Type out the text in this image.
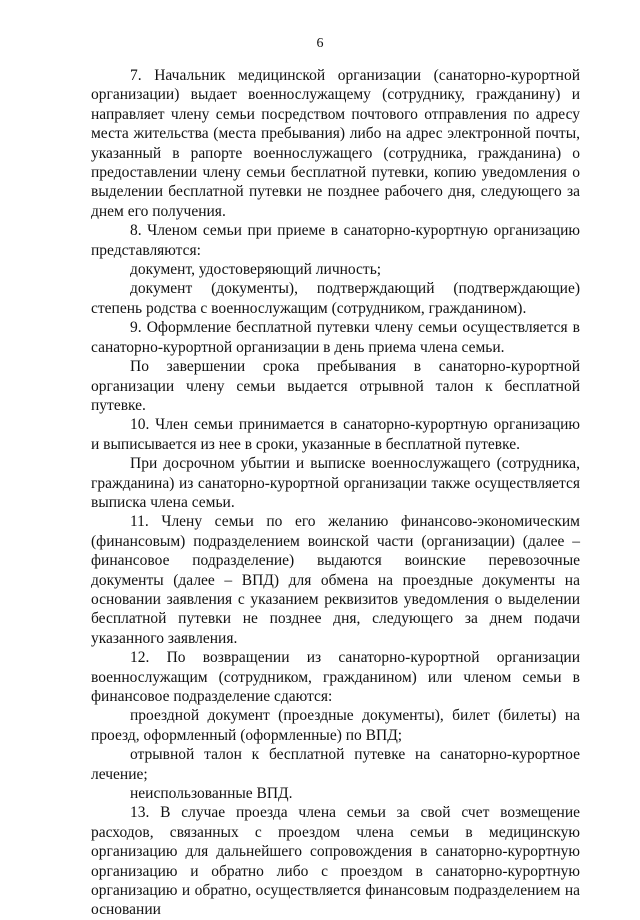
6

7. Начальник медицинской организации (санаторно-курортной организации) выдает военнослужащему (сотруднику, гражданину) и направляет члену семьи посредством почтового отправления по адресу места жительства (места пребывания) либо на адрес электронной почты, указанный в рапорте военнослужащего (сотрудника, гражданина) о предоставлении члену семьи бесплатной путевки, копию уведомления о выделении бесплатной путевки не позднее рабочего дня, следующего за днем его получения.

8. Членом семьи при приеме в санаторно-курортную организацию представляются:

документ, удостоверяющий личность;

документ (документы), подтверждающий (подтверждающие) степень родства с военнослужащим (сотрудником, гражданином).

9. Оформление бесплатной путевки члену семьи осуществляется в санаторно-курортной организации в день приема члена семьи.

По завершении срока пребывания в санаторно-курортной организации члену семьи выдается отрывной талон к бесплатной путевке.

10. Член семьи принимается в санаторно-курортную организацию и выписывается из нее в сроки, указанные в бесплатной путевке.

При досрочном убытии и выписке военнослужащего (сотрудника, гражданина) из санаторно-курортной организации также осуществляется выписка члена семьи.

11. Члену семьи по его желанию финансово-экономическим (финансовым) подразделением воинской части (организации) (далее – финансовое подразделение) выдаются воинские перевозочные документы (далее – ВПД) для обмена на проездные документы на основании заявления с указанием реквизитов уведомления о выделении бесплатной путевки не позднее дня, следующего за днем подачи указанного заявления.

12. По возвращении из санаторно-курортной организации военнослужащим (сотрудником, гражданином) или членом семьи в финансовое подразделение сдаются:

проездной документ (проездные документы), билет (билеты) на проезд, оформленный (оформленные) по ВПД;

отрывной талон к бесплатной путевке на санаторно-курортное лечение;

неиспользованные ВПД.

13. В случае проезда члена семьи за свой счет возмещение расходов, связанных с проездом члена семьи в медицинскую организацию для дальнейшего сопровождения в санаторно-курортную организацию и обратно либо с проездом в санаторно-курортную организацию и обратно, осуществляется финансовым подразделением на основании
